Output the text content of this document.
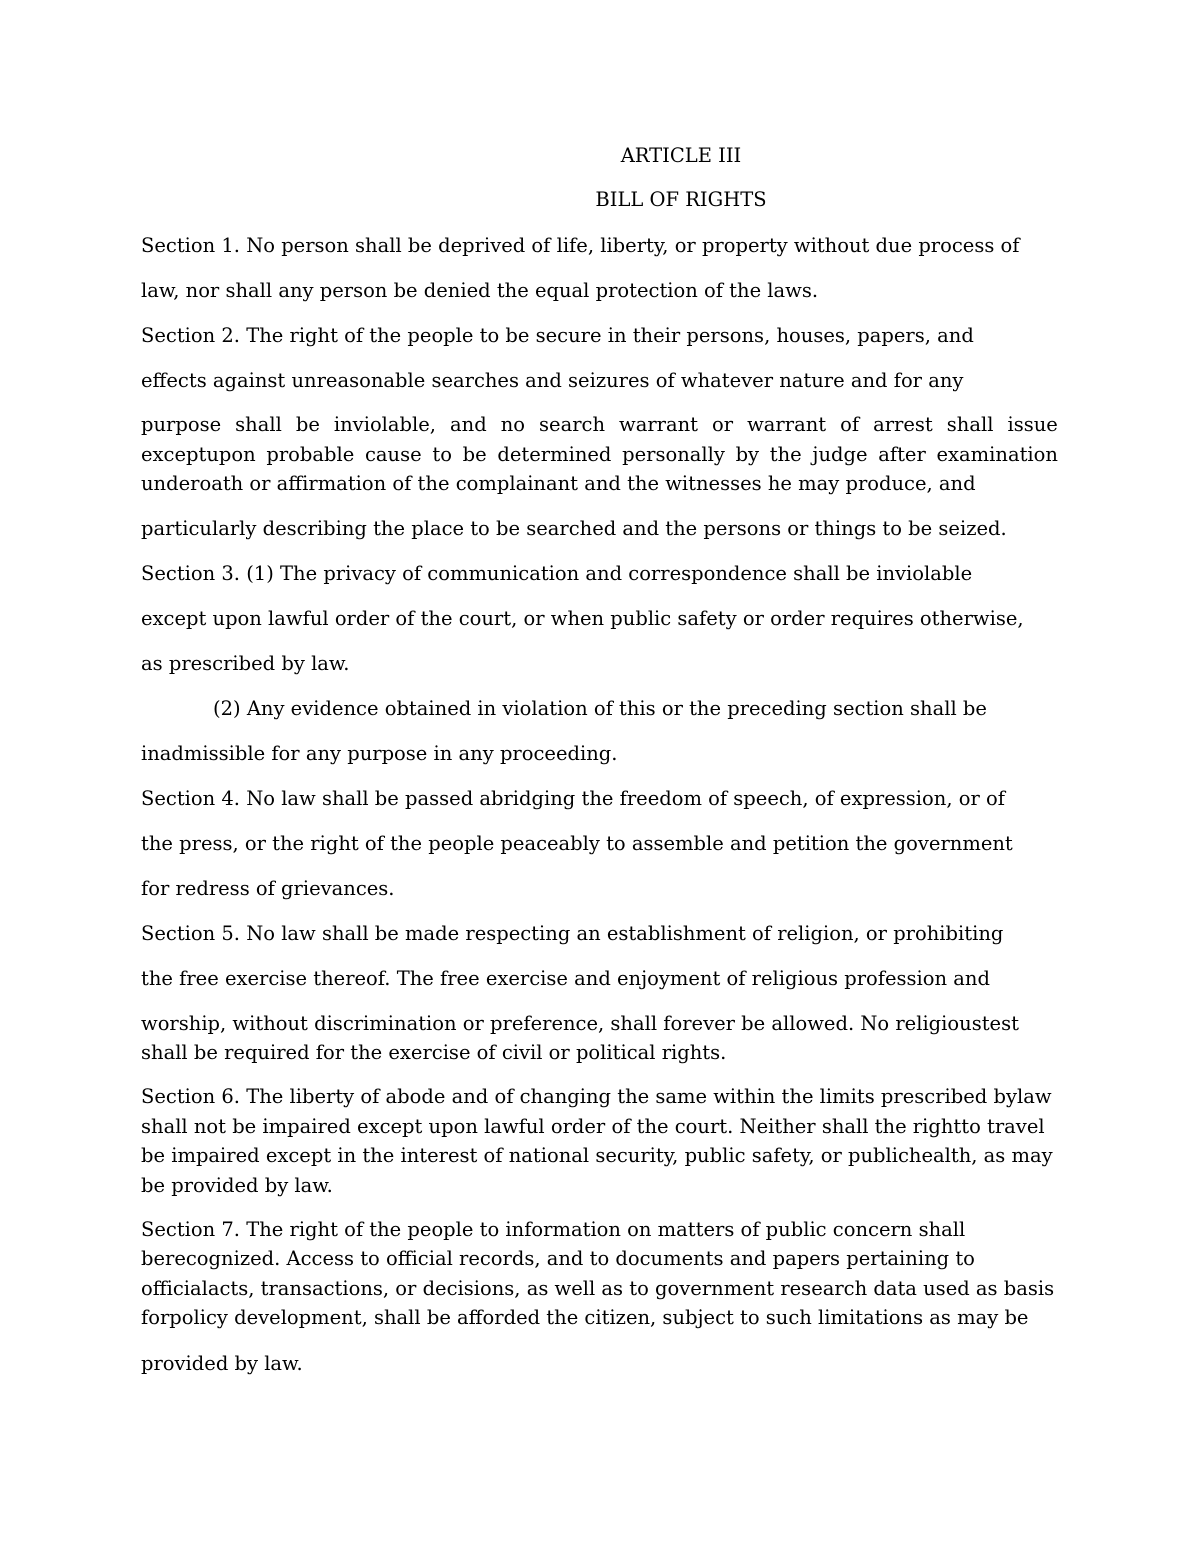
ARTICLE III
BILL OF RIGHTS
Section 1. No person shall be deprived of life, liberty, or property without due process of
law, nor shall any person be denied the equal protection of the laws.
Section 2. The right of the people to be secure in their persons, houses, papers, and
effects against unreasonable searches and seizures of whatever nature and for any
purpose shall be inviolable, and no search warrant or warrant of arrest shall issue
exceptupon probable cause to be determined personally by the judge after examination
underoath or affirmation of the complainant and the witnesses he may produce, and
particularly describing the place to be searched and the persons or things to be seized.
Section 3. (1) The privacy of communication and correspondence shall be inviolable
except upon lawful order of the court, or when public safety or order requires otherwise,
as prescribed by law.
(2) Any evidence obtained in violation of this or the preceding section shall be
inadmissible for any purpose in any proceeding.
Section 4. No law shall be passed abridging the freedom of speech, of expression, or of
the press, or the right of the people peaceably to assemble and petition the government
for redress of grievances.
Section 5. No law shall be made respecting an establishment of religion, or prohibiting
the free exercise thereof. The free exercise and enjoyment of religious profession and
worship, without discrimination or preference, shall forever be allowed. No religioustest
shall be required for the exercise of civil or political rights.
Section 6. The liberty of abode and of changing the same within the limits prescribed bylaw
shall not be impaired except upon lawful order of the court. Neither shall the rightto travel
be impaired except in the interest of national security, public safety, or publichealth, as may
be provided by law.
Section 7. The right of the people to information on matters of public concern shall
berecognized. Access to official records, and to documents and papers pertaining to
officialacts, transactions, or decisions, as well as to government research data used as basis
forpolicy development, shall be afforded the citizen, subject to such limitations as may be
provided by law.
